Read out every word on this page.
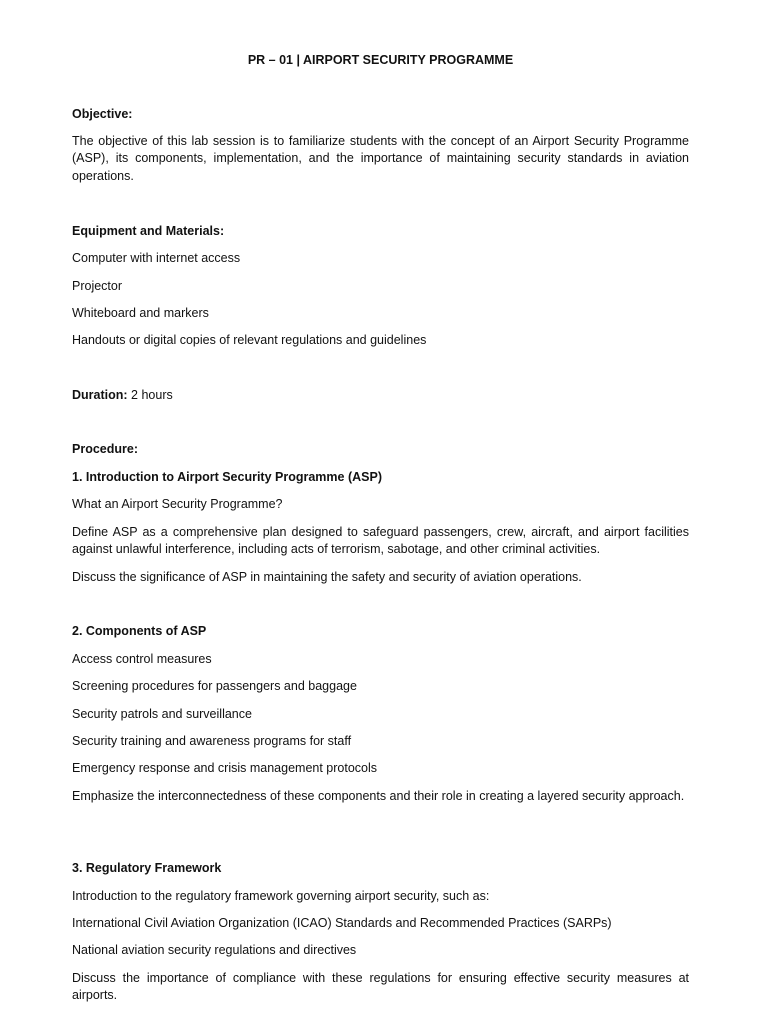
PR – 01 | AIRPORT SECURITY PROGRAMME

Objective:

The objective of this lab session is to familiarize students with the concept of an Airport Security Programme (ASP), its components, implementation, and the importance of maintaining security standards in aviation operations.

Equipment and Materials:

Computer with internet access

Projector

Whiteboard and markers

Handouts or digital copies of relevant regulations and guidelines

Duration: 2 hours

Procedure:

1. Introduction to Airport Security Programme (ASP)

What an Airport Security Programme?

Define ASP as a comprehensive plan designed to safeguard passengers, crew, aircraft, and airport facilities against unlawful interference, including acts of terrorism, sabotage, and other criminal activities.

Discuss the significance of ASP in maintaining the safety and security of aviation operations.

2. Components of ASP

Access control measures

Screening procedures for passengers and baggage

Security patrols and surveillance

Security training and awareness programs for staff

Emergency response and crisis management protocols

Emphasize the interconnectedness of these components and their role in creating a layered security approach.

3. Regulatory Framework

Introduction to the regulatory framework governing airport security, such as:

International Civil Aviation Organization (ICAO) Standards and Recommended Practices (SARPs)

National aviation security regulations and directives

Discuss the importance of compliance with these regulations for ensuring effective security measures at airports.
